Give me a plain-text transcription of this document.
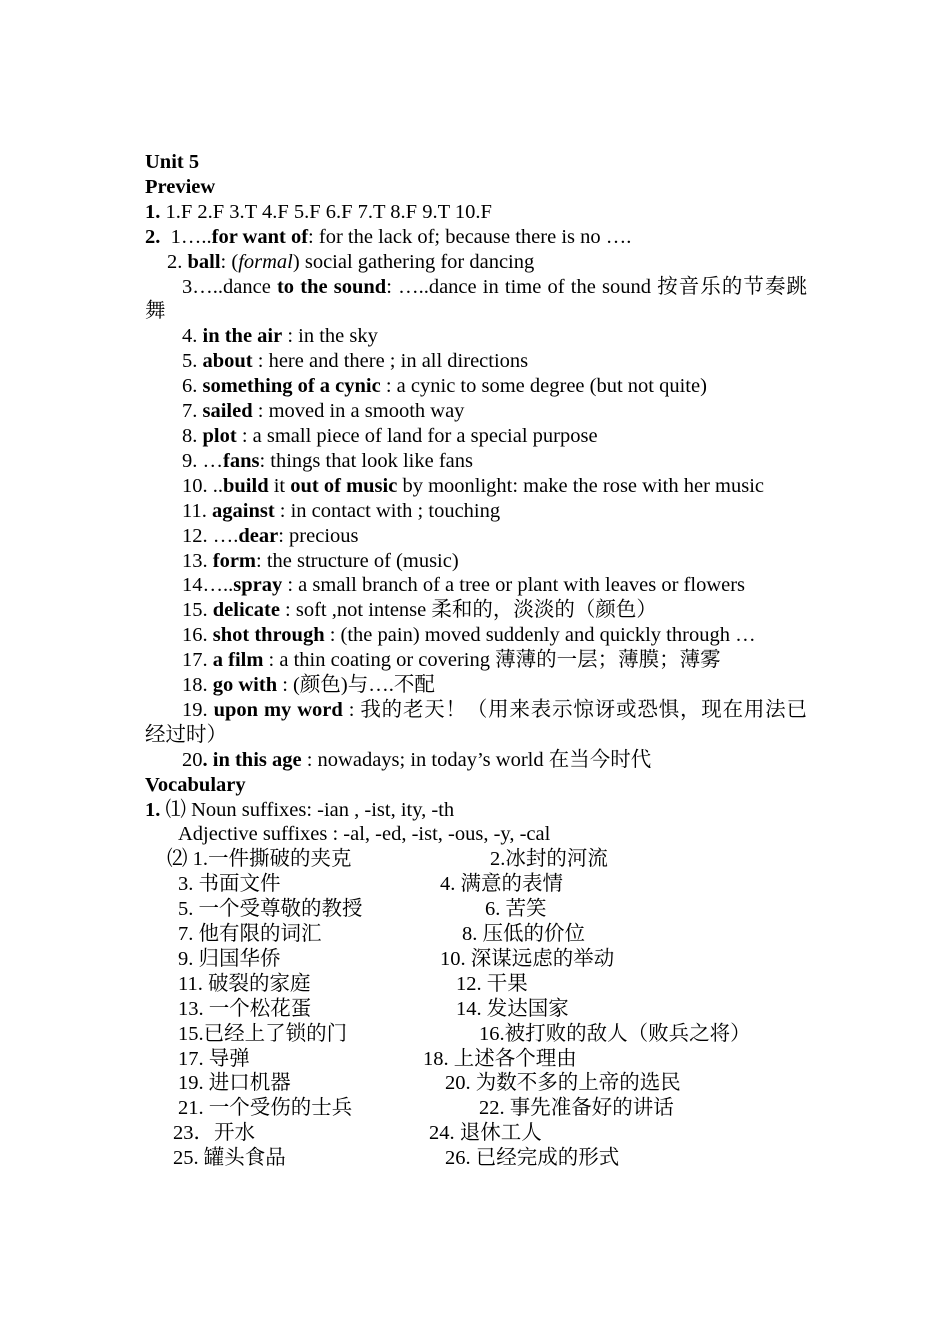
Unit 5
Preview
1. 1.F 2.F 3.T 4.F 5.F 6.F 7.T 8.F 9.T 10.F
2.  1…..for want of: for the lack of; because there is no ….
2. ball: (formal) social gathering for dancing
3…..dance to the sound: …..dance in time of the sound 按音乐的节奏跳舞
4. in the air : in the sky
5. about : here and there ; in all directions
6. something of a cynic : a cynic to some degree (but not quite)
7. sailed : moved in a smooth way
8. plot : a small piece of land for a special purpose
9. …fans: things that look like fans
10. ..build it out of music by moonlight: make the rose with her music
11. against : in contact with ; touching
12. ….dear: precious
13. form: the structure of (music)
14…..spray : a small branch of a tree or plant with leaves or flowers
15. delicate : soft ,not intense 柔和的，淡淡的（颜色）
16. shot through : (the pain) moved suddenly and quickly through …
17. a film : a thin coating or covering 薄薄的一层；薄膜；薄雾
18. go with : (颜色)与….不配
19. upon my word : 我的老天！（用来表示惊讶或恐惧，现在用法已经过时）
20. in this age : nowadays; in today’s world 在当今时代
Vocabulary
1. ⑴ Noun suffixes: -ian , -ist, ity, -th
Adjective suffixes : -al, -ed, -ist, -ous, -y, -cal
⑵ 1.一件撕破的夹克	2.冰封的河流
3. 书面文件	4. 满意的表情
5. 一个受尊敬的教授	6. 苦笑
7. 他有限的词汇	8. 压低的价位
9. 归国华侨	10. 深谋远虑的举动
11. 破裂的家庭	12. 干果
13. 一个松花蛋	14. 发达国家
15.已经上了锁的门	16.被打败的敌人（败兵之将）
17. 导弹	18. 上述各个理由
19. 进口机器	20. 为数不多的上帝的选民
21. 一个受伤的士兵	22. 事先准备好的讲话
23．开水	24. 退休工人
25. 罐头食品	26. 已经完成的形式
